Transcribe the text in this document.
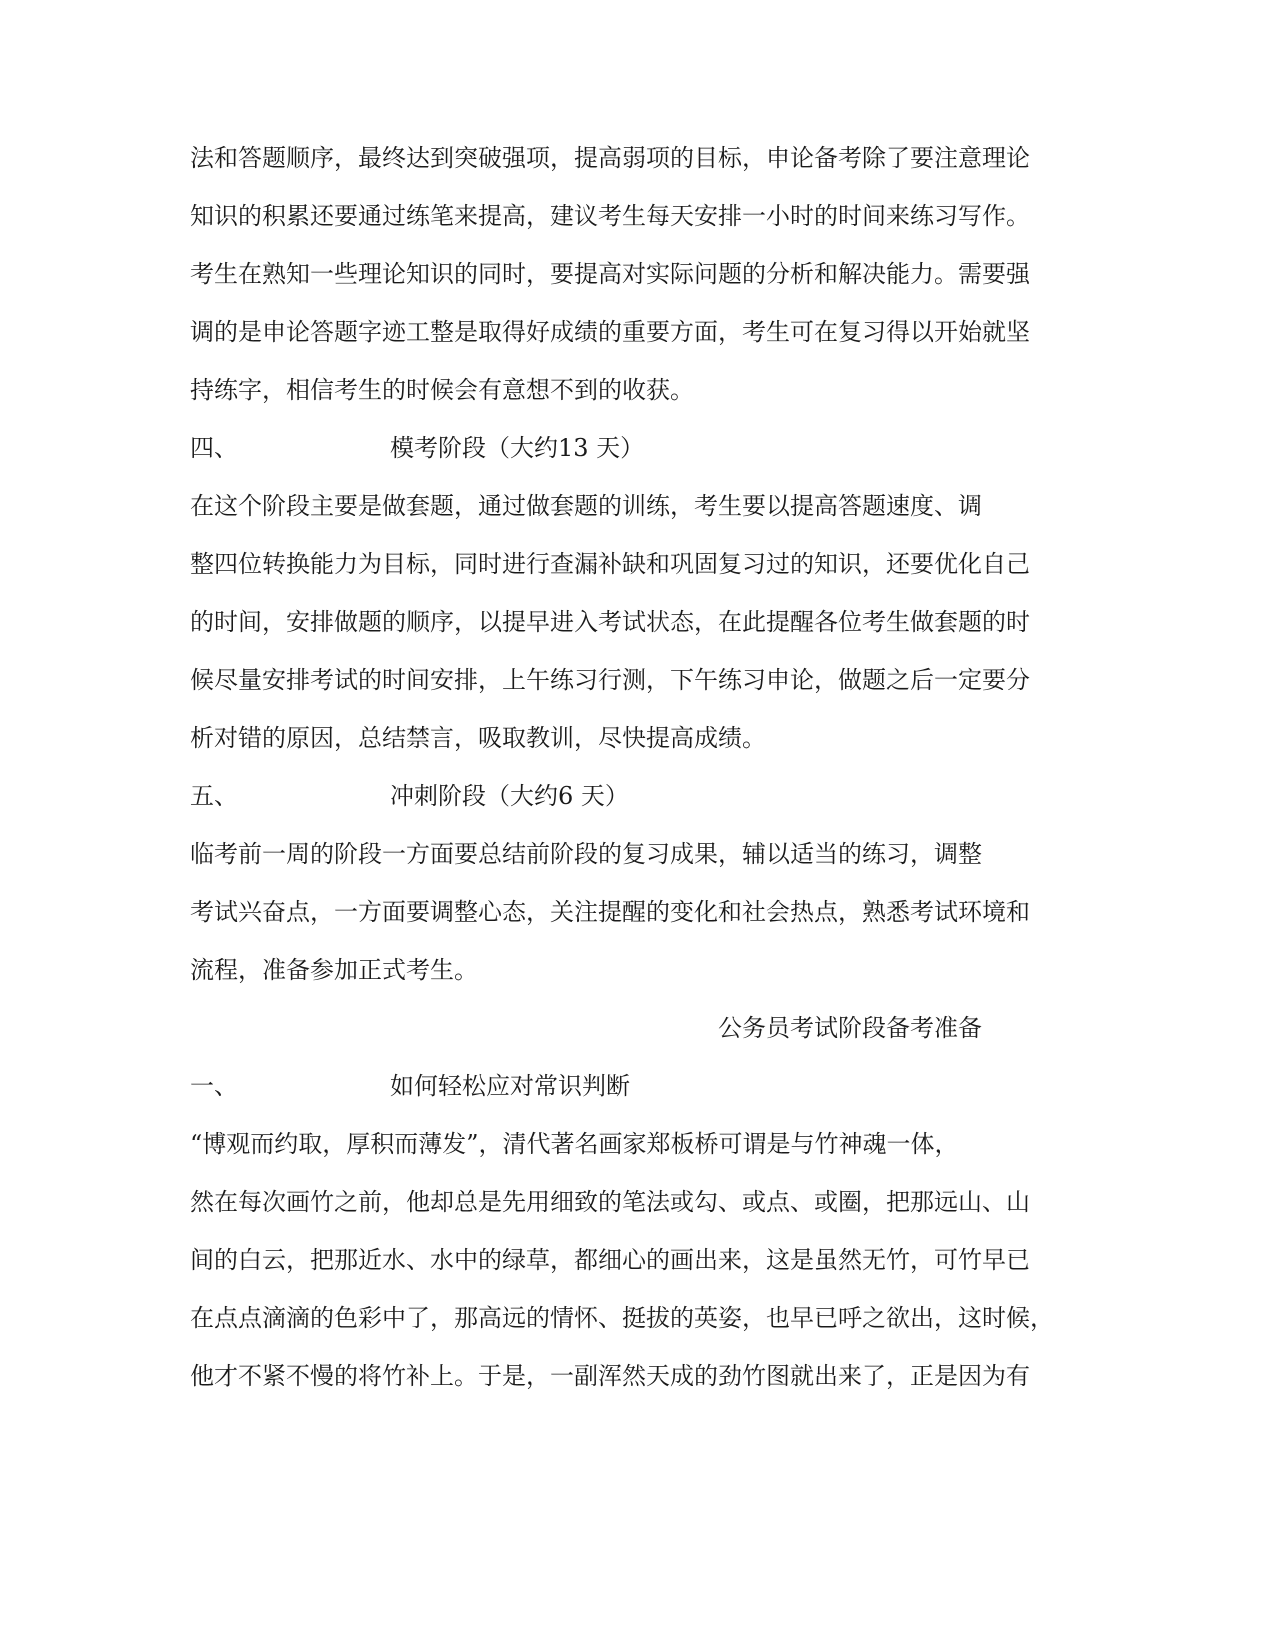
法和答题顺序，最终达到突破强项，提高弱项的目标，申论备考除了要注意理论
知识的积累还要通过练笔来提高，建议考生每天安排一小时的时间来练习写作。
考生在熟知一些理论知识的同时，要提高对实际问题的分析和解决能力。需要强
调的是申论答题字迹工整是取得好成绩的重要方面，考生可在复习得以开始就坚
持练字，相信考生的时候会有意想不到的收获。
四、	模考阶段（大约13 天）
在这个阶段主要是做套题，通过做套题的训练，考生要以提高答题速度、调
整四位转换能力为目标，同时进行查漏补缺和巩固复习过的知识，还要优化自己
的时间，安排做题的顺序，以提早进入考试状态，在此提醒各位考生做套题的时
候尽量安排考试的时间安排，上午练习行测，下午练习申论，做题之后一定要分
析对错的原因，总结禁言，吸取教训，尽快提高成绩。
五、	冲刺阶段（大约6 天）
临考前一周的阶段一方面要总结前阶段的复习成果，辅以适当的练习，调整
考试兴奋点，一方面要调整心态，关注提醒的变化和社会热点，熟悉考试环境和
流程，准备参加正式考生。
公务员考试阶段备考准备
一、	如何轻松应对常识判断
“博观而约取，厚积而薄发”，清代著名画家郑板桥可谓是与竹神魂一体，
然在每次画竹之前，他却总是先用细致的笔法或勾、或点、或圈，把那远山、山
间的白云，把那近水、水中的绿草，都细心的画出来，这是虽然无竹，可竹早已
在点点滴滴的色彩中了，那高远的情怀、挺拔的英姿，也早已呼之欲出，这时候，
他才不紧不慢的将竹补上。于是，一副浑然天成的劲竹图就出来了，正是因为有
